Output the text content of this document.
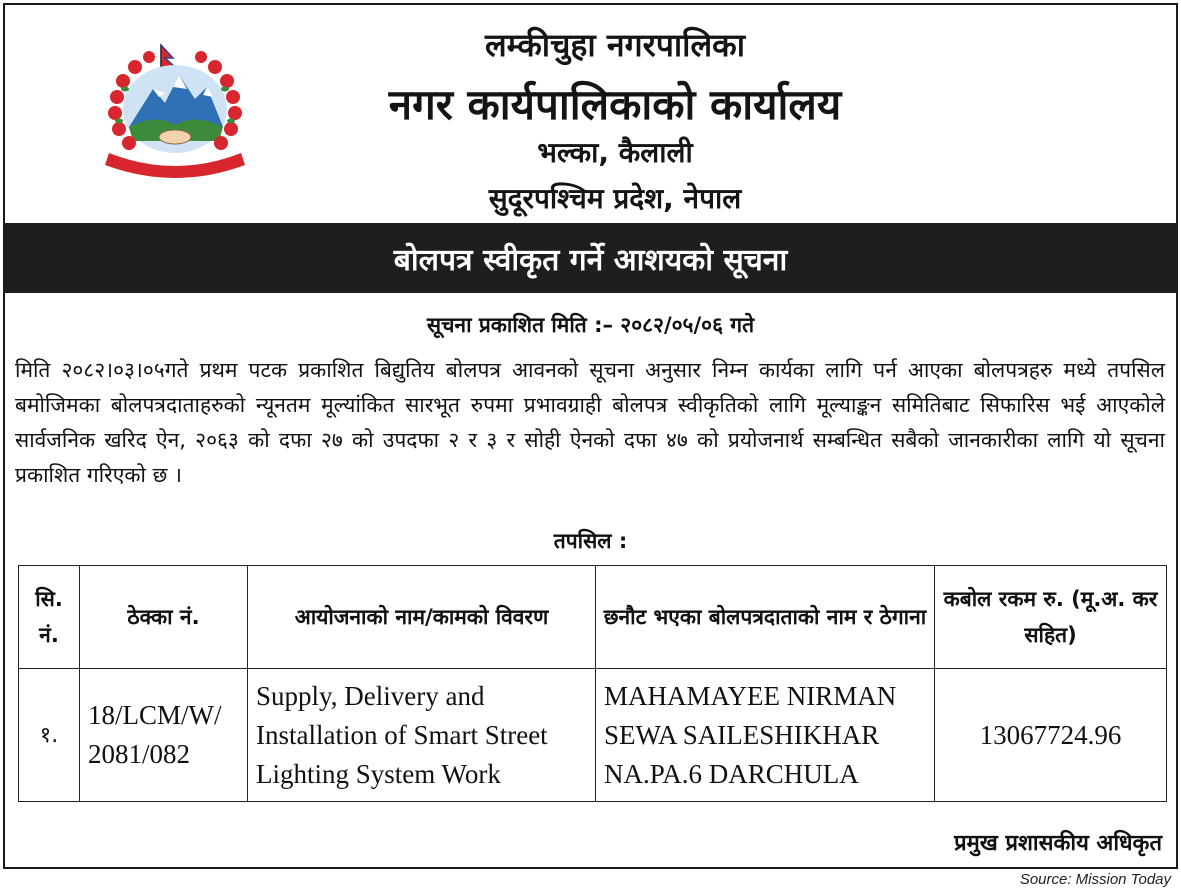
लम्कीचुहा नगरपालिका
नगर कार्यपालिकाको कार्यालय
भल्का, कैलाली
सुदूरपश्चिम प्रदेश, नेपाल
बोलपत्र स्वीकृत गर्ने आशयको सूचना
सूचना प्रकाशित मिति :– २०८२/०५/०६ गते
मिति २०८२।०३।०५गते प्रथम पटक प्रकाशित बिद्युतिय बोलपत्र आवनको सूचना अनुसार निम्न कार्यका लागि पर्न आएका बोलपत्रहरु मध्ये तपसिल बमोजिमका बोलपत्रदाताहरुको न्यूनतम मूल्यांकित सारभूत रुपमा प्रभावग्राही बोलपत्र स्वीकृतिको लागि मूल्याङ्कन समितिबाट सिफारिस भई आएकोले सार्वजनिक खरिद ऐन, २०६३ को दफा २७ को उपदफा २ र ३ र सोही ऐनको दफा ४७ को प्रयोजनार्थ सम्बन्धित सबैको जानकारीका लागि यो सूचना प्रकाशित गरिएको छ ।
तपसिल :
सि. नं.	ठेक्का नं.	आयोजनाको नाम/कामको विवरण	छनौट भएका बोलपत्रदाताको नाम र ठेगाना	कबोल रकम रु. (मू.अ. कर सहित)
१.	18/LCM/W/ 2081/082	Supply, Delivery and Installation of Smart Street Lighting System Work	MAHAMAYEE NIRMAN SEWA SAILESHIKHAR NA.PA.6 DARCHULA	13067724.96
प्रमुख प्रशासकीय अधिकृत
Source: Mission Today
